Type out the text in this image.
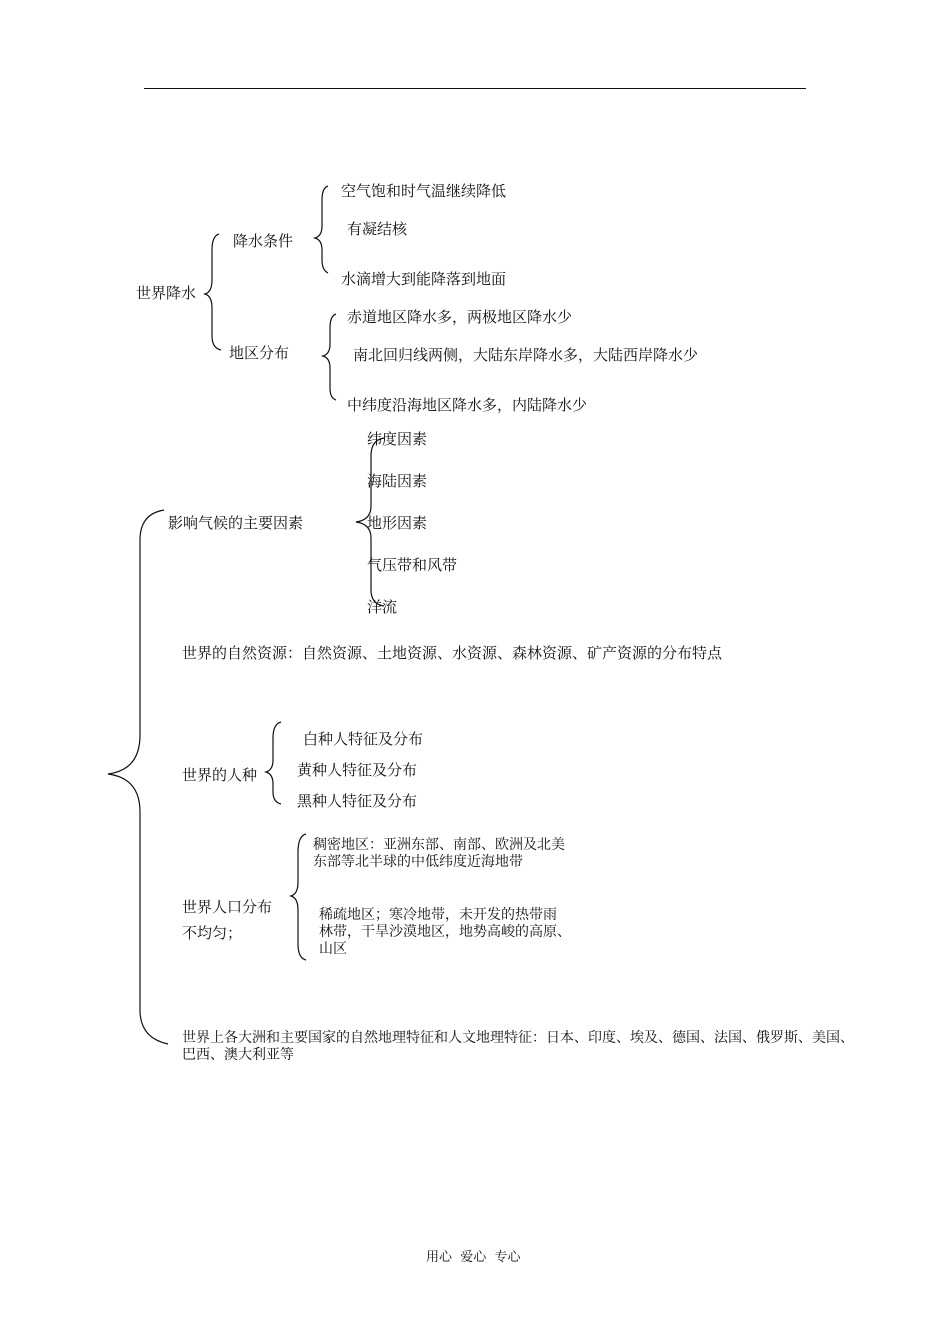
世界降水
降水条件
空气饱和时气温继续降低
有凝结核
水滴增大到能降落到地面
地区分布
赤道地区降水多，两极地区降水少
南北回归线两侧，大陆东岸降水多，大陆西岸降水少
中纬度沿海地区降水多，内陆降水少
影响气候的主要因素
纬度因素
海陆因素
地形因素
气压带和风带
洋流
世界的自然资源：自然资源、土地资源、水资源、森林资源、矿产资源的分布特点
世界的人种
白种人特征及分布
黄种人特征及分布
黑种人特征及分布
世界人口分布
不均匀；
稠密地区：亚洲东部、南部、欧洲及北美
东部等北半球的中低纬度近海地带
稀疏地区；寒冷地带，未开发的热带雨
林带，干旱沙漠地区，地势高峻的高原、
山区
世界上各大洲和主要国家的自然地理特征和人文地理特征：日本、印度、埃及、德国、法国、俄罗斯、美国、
巴西、澳大利亚等
用心  爱心  专心
